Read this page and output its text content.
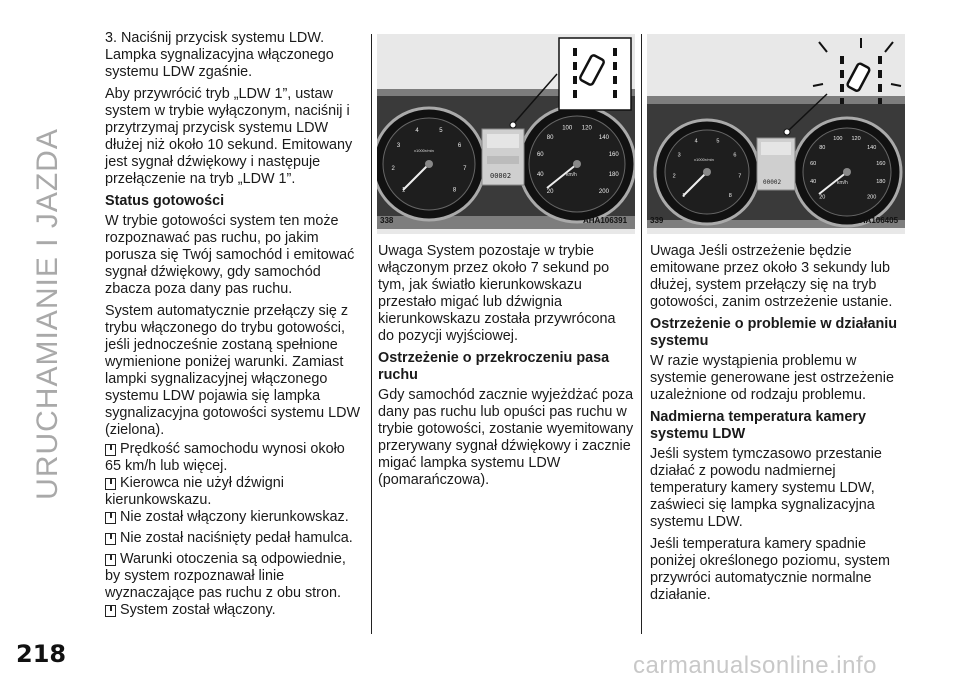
URUCHAMIANIE I JAZDA
218

3. Naciśnij przycisk systemu LDW. Lampka sygnalizacyjna włączonego systemu LDW zgaśnie.

Aby przywrócić tryb „LDW 1”, ustaw system w trybie wyłączonym, naciśnij i przytrzymaj przycisk systemu LDW dłużej niż około 10 sekund. Emitowany jest sygnał dźwiękowy i następuje przełączenie na tryb „LDW 1”.

Status gotowości

W trybie gotowości system ten może rozpoznawać pas ruchu, po jakim porusza się Twój samochód i emitować sygnał dźwiękowy, gdy samochód zbacza poza dany pas ruchu.

System automatycznie przełączy się z trybu włączonego do trybu gotowości, jeśli jednocześnie zostaną spełnione wymienione poniżej warunki. Zamiast lampki sygnalizacyjnej włączonego systemu LDW pojawia się lampka sygnalizacyjna gotowości systemu LDW (zielona).

Prędkość samochodu wynosi około

65 km/h lub więcej.

Kierowca nie użył dźwigni

kierunkowskazu.

Nie został włączony kierunkowskaz.

Nie został naciśnięty pedał hamulca.

Warunki otoczenia są odpowiednie,

by system rozpoznawał linie wyznaczające pas ruchu z obu stron.

System został włączony.

00002
x1000r/min
km/h
1
2
3
4	5
6
7
8	20
40
60
80
100 120
140
160
180
200
338	AHA106391
00002
x1000r/min
km/h
1
2
3
4	5
6
7
8	20
40
60
80
100 120
140
160
180
200
339	AHA106405

Uwaga System pozostaje w trybie włączonym przez około 7 sekund po tym, jak światło kierunkowskazu przestało migać lub dźwignia kierunkowskazu została przywrócona do pozycji wyjściowej.

Ostrzeżenie o przekroczeniu pasa ruchu

Gdy samochód zacznie wyjeżdżać poza dany pas ruchu lub opuści pas ruchu w trybie gotowości, zostanie wyemitowany przerywany sygnał dźwiękowy i zacznie migać lampka systemu LDW (pomarańczowa).

Uwaga Jeśli ostrzeżenie będzie emitowane przez około 3 sekundy lub dłużej, system przełączy się na tryb gotowości, zanim ostrzeżenie ustanie.

Ostrzeżenie o problemie w działaniu systemu

W razie wystąpienia problemu w systemie generowane jest ostrzeżenie uzależnione od rodzaju problemu.

Nadmierna temperatura kamery systemu LDW

Jeśli system tymczasowo przestanie działać z powodu nadmiernej temperatury kamery systemu LDW, zaświeci się lampka sygnalizacyjna systemu LDW.

Jeśli temperatura kamery spadnie poniżej określonego poziomu, system przywróci automatycznie normalne działanie.

carmanualsonline.info
